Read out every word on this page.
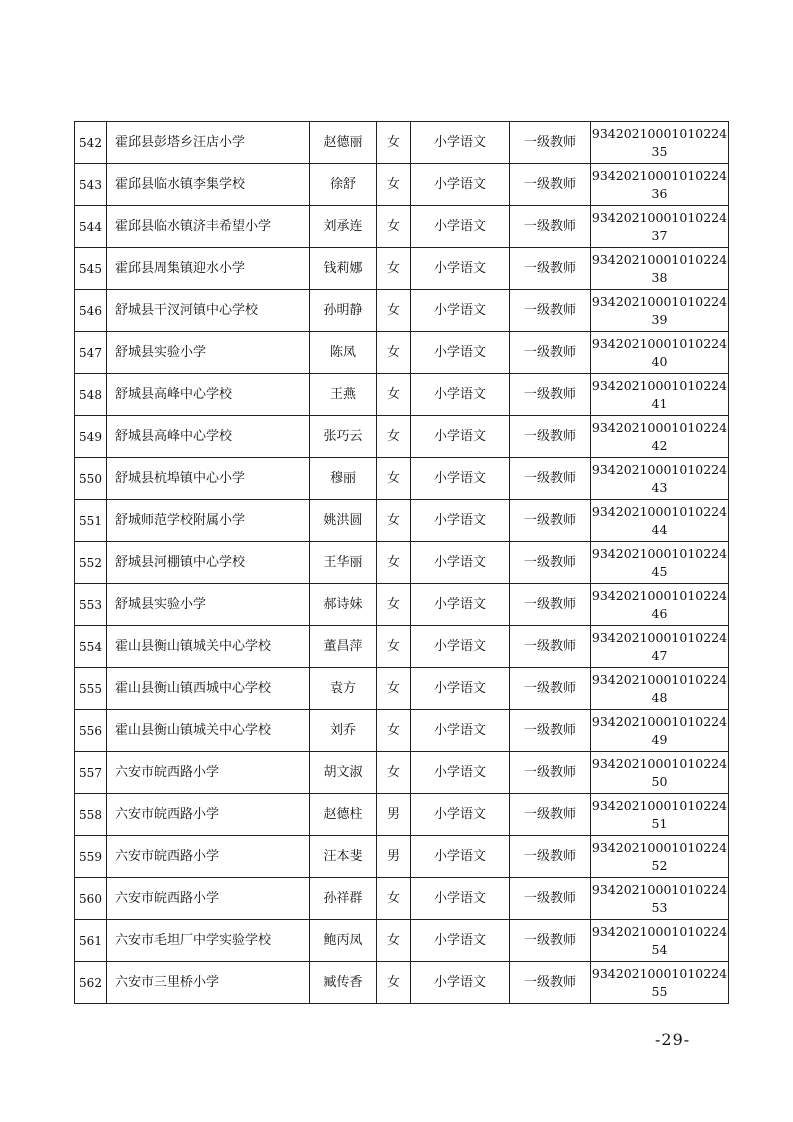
542	霍邱县彭塔乡汪店小学	赵德丽	女	小学语文	一级教师	93420210001010224
35

543	霍邱县临水镇李集学校	徐舒	女	小学语文	一级教师	93420210001010224
36

544	霍邱县临水镇济丰希望小学	刘承连	女	小学语文	一级教师	93420210001010224
37

545	霍邱县周集镇迎水小学	钱莉娜	女	小学语文	一级教师	93420210001010224
38

546	舒城县干汊河镇中心学校	孙明静	女	小学语文	一级教师	93420210001010224
39

547	舒城县实验小学	陈凤	女	小学语文	一级教师	93420210001010224
40

548	舒城县高峰中心学校	王燕	女	小学语文	一级教师	93420210001010224
41

549	舒城县高峰中心学校	张巧云	女	小学语文	一级教师	93420210001010224
42

550	舒城县杭埠镇中心小学	穆丽	女	小学语文	一级教师	93420210001010224
43

551	舒城师范学校附属小学	姚洪圆	女	小学语文	一级教师	93420210001010224
44

552	舒城县河棚镇中心学校	王华丽	女	小学语文	一级教师	93420210001010224
45

553	舒城县实验小学	郝诗妹	女	小学语文	一级教师	93420210001010224
46

554	霍山县衡山镇城关中心学校	董昌萍	女	小学语文	一级教师	93420210001010224
47

555	霍山县衡山镇西城中心学校	袁方	女	小学语文	一级教师	93420210001010224
48

556	霍山县衡山镇城关中心学校	刘乔	女	小学语文	一级教师	93420210001010224
49

557	六安市皖西路小学	胡文淑	女	小学语文	一级教师	93420210001010224
50

558	六安市皖西路小学	赵德柱	男	小学语文	一级教师	93420210001010224
51

559	六安市皖西路小学	汪本斐	男	小学语文	一级教师	93420210001010224
52

560	六安市皖西路小学	孙祥群	女	小学语文	一级教师	93420210001010224
53

561	六安市毛坦厂中学实验学校	鲍丙凤	女	小学语文	一级教师	93420210001010224
54

562	六安市三里桥小学	臧传香	女	小学语文	一级教师	93420210001010224
55
-29-
